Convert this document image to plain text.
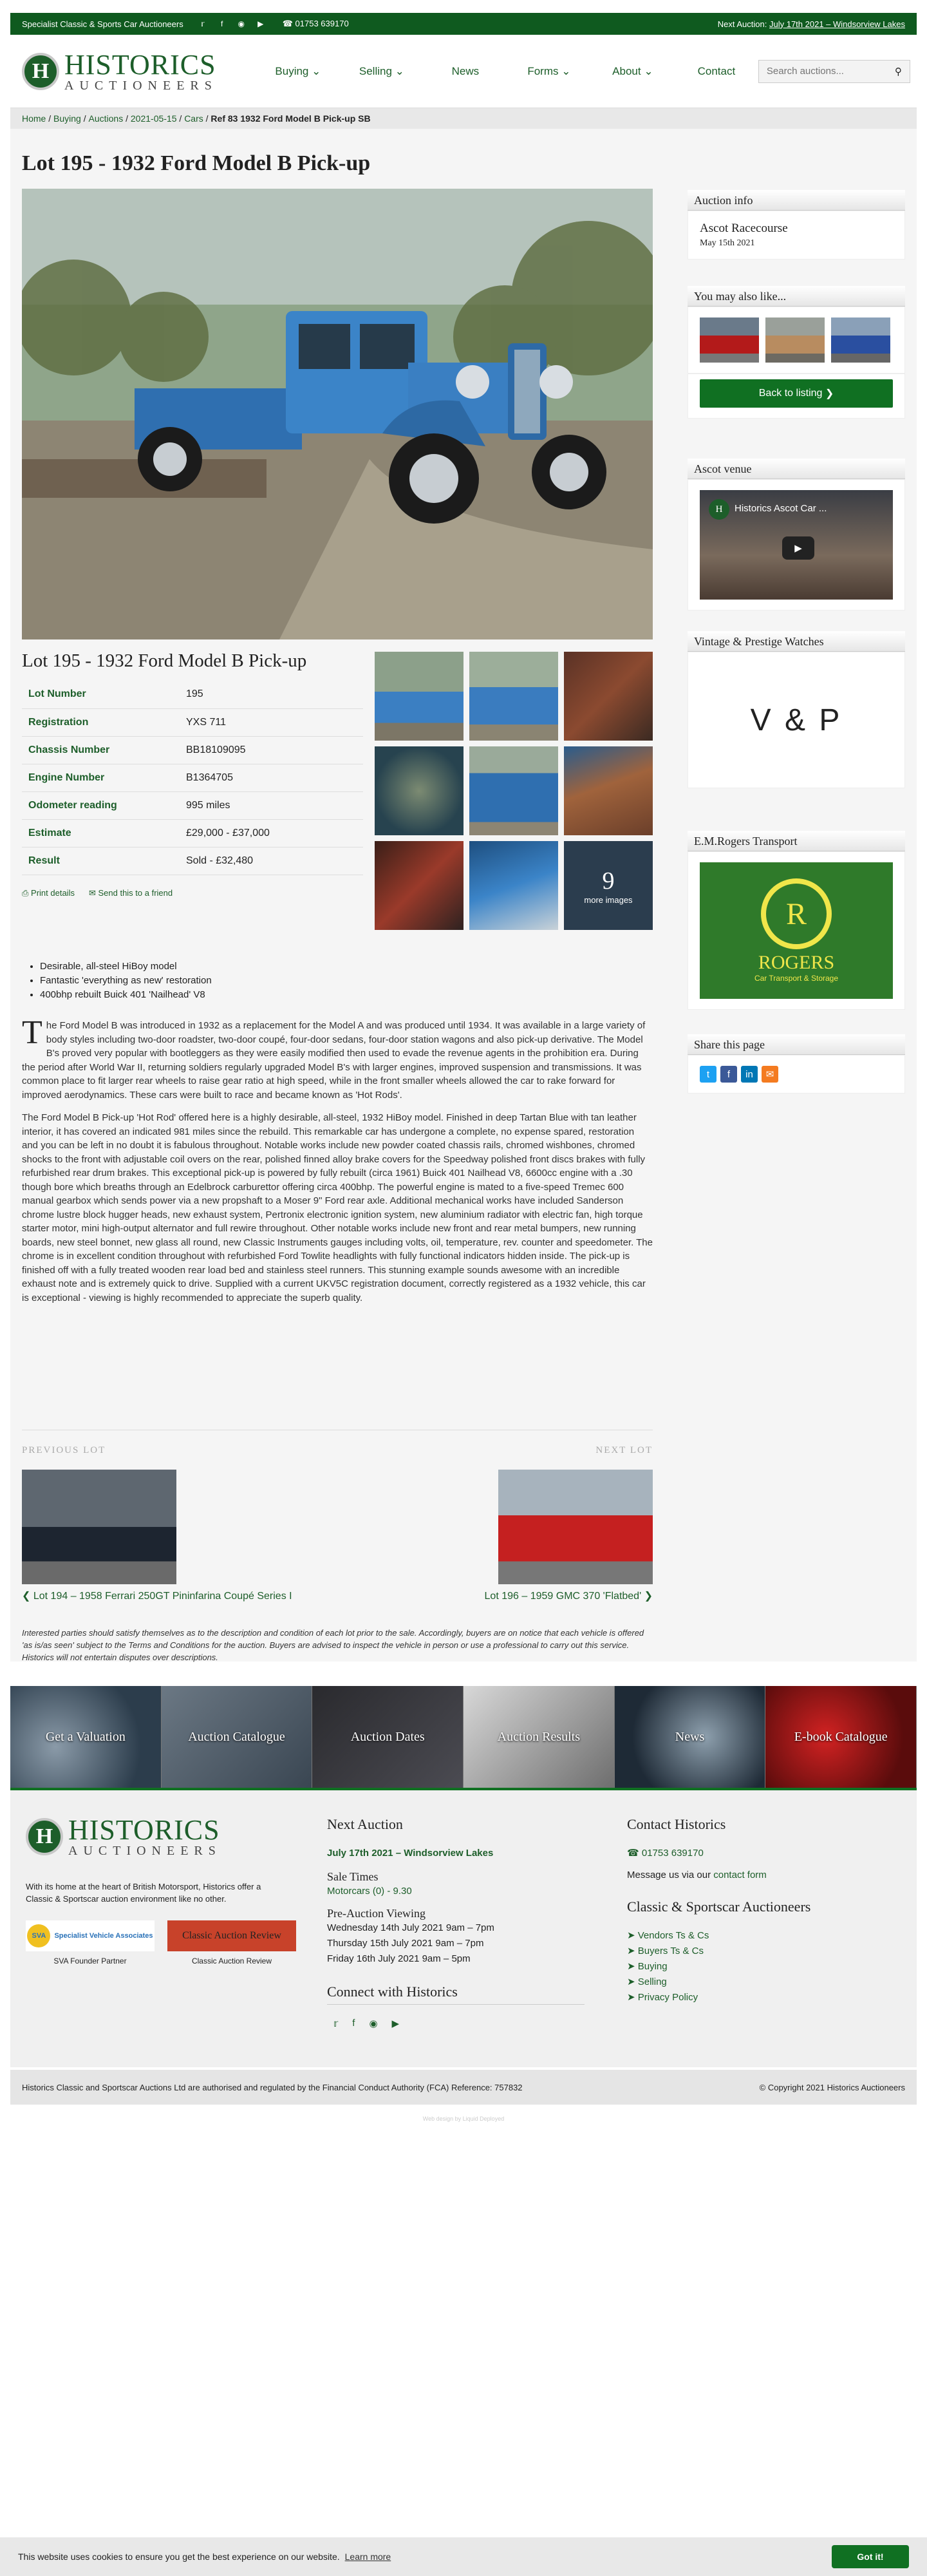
Specialist Classic & Sports Car Auctioneers	𝕣	f	◉ ▶ ☎ 01753 639170	Next Auction: July 17th 2021 – Windsorview Lakes
H HISTORICS
AUCTIONEERS
Buying ⌄	Selling ⌄	News	Forms ⌄	About ⌄	Contact
Search auctions...	⚲
Home / Buying / Auctions / 2021-05-15 / Cars / Ref 83 1932 Ford Model B Pick-up SB
Lot 195 - 1932 Ford Model B Pick-up
Lot 195 - 1932 Ford Model B Pick-up
Lot Number	195
Registration	YXS 711
Chassis Number	BB18109095
Engine Number	B1364705
Odometer reading	995 miles
Estimate	£29,000 - £37,000
Result	Sold - £32,480
⎙ Print details ✉ Send this to a friend	9
more images
• Desirable, all-steel HiBoy model
• Fantastic 'everything as new' restoration
• 400bhp rebuilt Buick 401 'Nailhead' V8

The Ford Model B was introduced in 1932 as a replacement for the Model A and was produced until 1934. It was available in a large variety of body styles including two-door roadster, two-door coupé, four-door sedans, four-door station wagons and also pick-up derivative. The Model B's proved very popular with bootleggers as they were easily modified then used to evade the revenue agents in the prohibition era. During the period after World War II, returning soldiers regularly upgraded Model B's with larger engines, improved suspension and transmissions. It was common place to fit larger rear wheels to raise gear ratio at high speed, while in the front smaller wheels allowed the car to rake forward for improved aerodynamics. These cars were built to race and became known as 'Hot Rods'.

The Ford Model B Pick-up 'Hot Rod' offered here is a highly desirable, all-steel, 1932 HiBoy model. Finished in deep Tartan Blue with tan leather interior, it has covered an indicated 981 miles since the rebuild. This remarkable car has undergone a complete, no expense spared, restoration and you can be left in no doubt it is fabulous throughout. Notable works include new powder coated chassis rails, chromed wishbones, chromed shocks to the front with adjustable coil overs on the rear, polished finned alloy brake covers for the Speedway polished front discs brakes with fully refurbished rear drum brakes. This exceptional pick-up is powered by fully rebuilt (circa 1961) Buick 401 Nailhead V8, 6600cc engine with a .30 though bore which breaths through an Edelbrock carburettor offering circa 400bhp. The powerful engine is mated to a five-speed Tremec 600 manual gearbox which sends power via a new propshaft to a Moser 9" Ford rear axle. Additional mechanical works have included Sanderson chrome lustre block hugger heads, new exhaust system, Pertronix electronic ignition system, new aluminium radiator with electric fan, high torque starter motor, mini high-output alternator and full rewire throughout. Other notable works include new front and rear metal bumpers, new running boards, new steel bonnet, new glass all round, new Classic Instruments gauges including volts, oil, temperature, rev. counter and speedometer. The chrome is in excellent condition throughout with refurbished Ford Towlite headlights with fully functional indicators hidden inside. The pick-up is finished off with a fully treated wooden rear load bed and stainless steel runners. This stunning example sounds awesome with an incredible exhaust note and is extremely quick to drive. Supplied with a current UKV5C registration document, correctly registered as a 1932 vehicle, this car is exceptional - viewing is highly recommended to appreciate the superb quality.

PREVIOUS LOT	NEXT LOT
❮ Lot 194 – 1958 Ferrari 250GT Pininfarina Coupé Series I	Lot 196 – 1959 GMC 370 'Flatbed' ❯
Interested parties should satisfy themselves as to the description and condition of each lot prior to the sale. Accordingly, buyers are on notice that each vehicle is offered 'as is/as seen' subject to the Terms and Conditions for the auction. Buyers are advised to inspect the vehicle in person or use a professional to carry out this service. Historics will not entertain disputes over descriptions.
Auction info
Ascot Racecourse
May 15th 2021
You may also like...
Back to listing
❯
Ascot venue
H	Historics Ascot Car ...
▶
Vintage & Prestige Watches
V & P
E.M.Rogers Transport
R
ROGERS
Car Transport & Storage
Share this page
t	f	in	✉
Get a Valuation	Auction Catalogue	Auction Dates	Auction Results	News	E-book Catalogue
H HISTORICS
AUCTIONEERS
With its home at the heart of British Motorsport, Historics offer a Classic & Sportscar auction environment like no other.
SVA	Specialist Vehicle Associates
SVA Founder Partner
Classic Auction Review
Classic Auction Review
Next Auction
July 17th 2021 – Windsorview Lakes
Sale Times
Motorcars (0) - 9.30
Pre-Auction Viewing
Wednesday 14th July 2021 9am – 7pm
Thursday 15th July 2021 9am – 7pm
Friday 16th July 2021 9am – 5pm
Connect with Historics
𝕣 f ◉ ▶
Contact Historics
☎ 01753 639170
Message us via our contact form
Classic & Sportscar Auctioneers
➤ Vendors Ts & Cs
➤ Buyers Ts & Cs
➤ Buying
➤ Selling
➤ Privacy Policy
Historics Classic and Sportscar Auctions Ltd are authorised and regulated by the Financial Conduct Authority (FCA) Reference: 757832	© Copyright 2021 Historics Auctioneers
Web design by Liquid Deployed
This website uses cookies to ensure you get the best experience on our website. Learn more	Got it!
